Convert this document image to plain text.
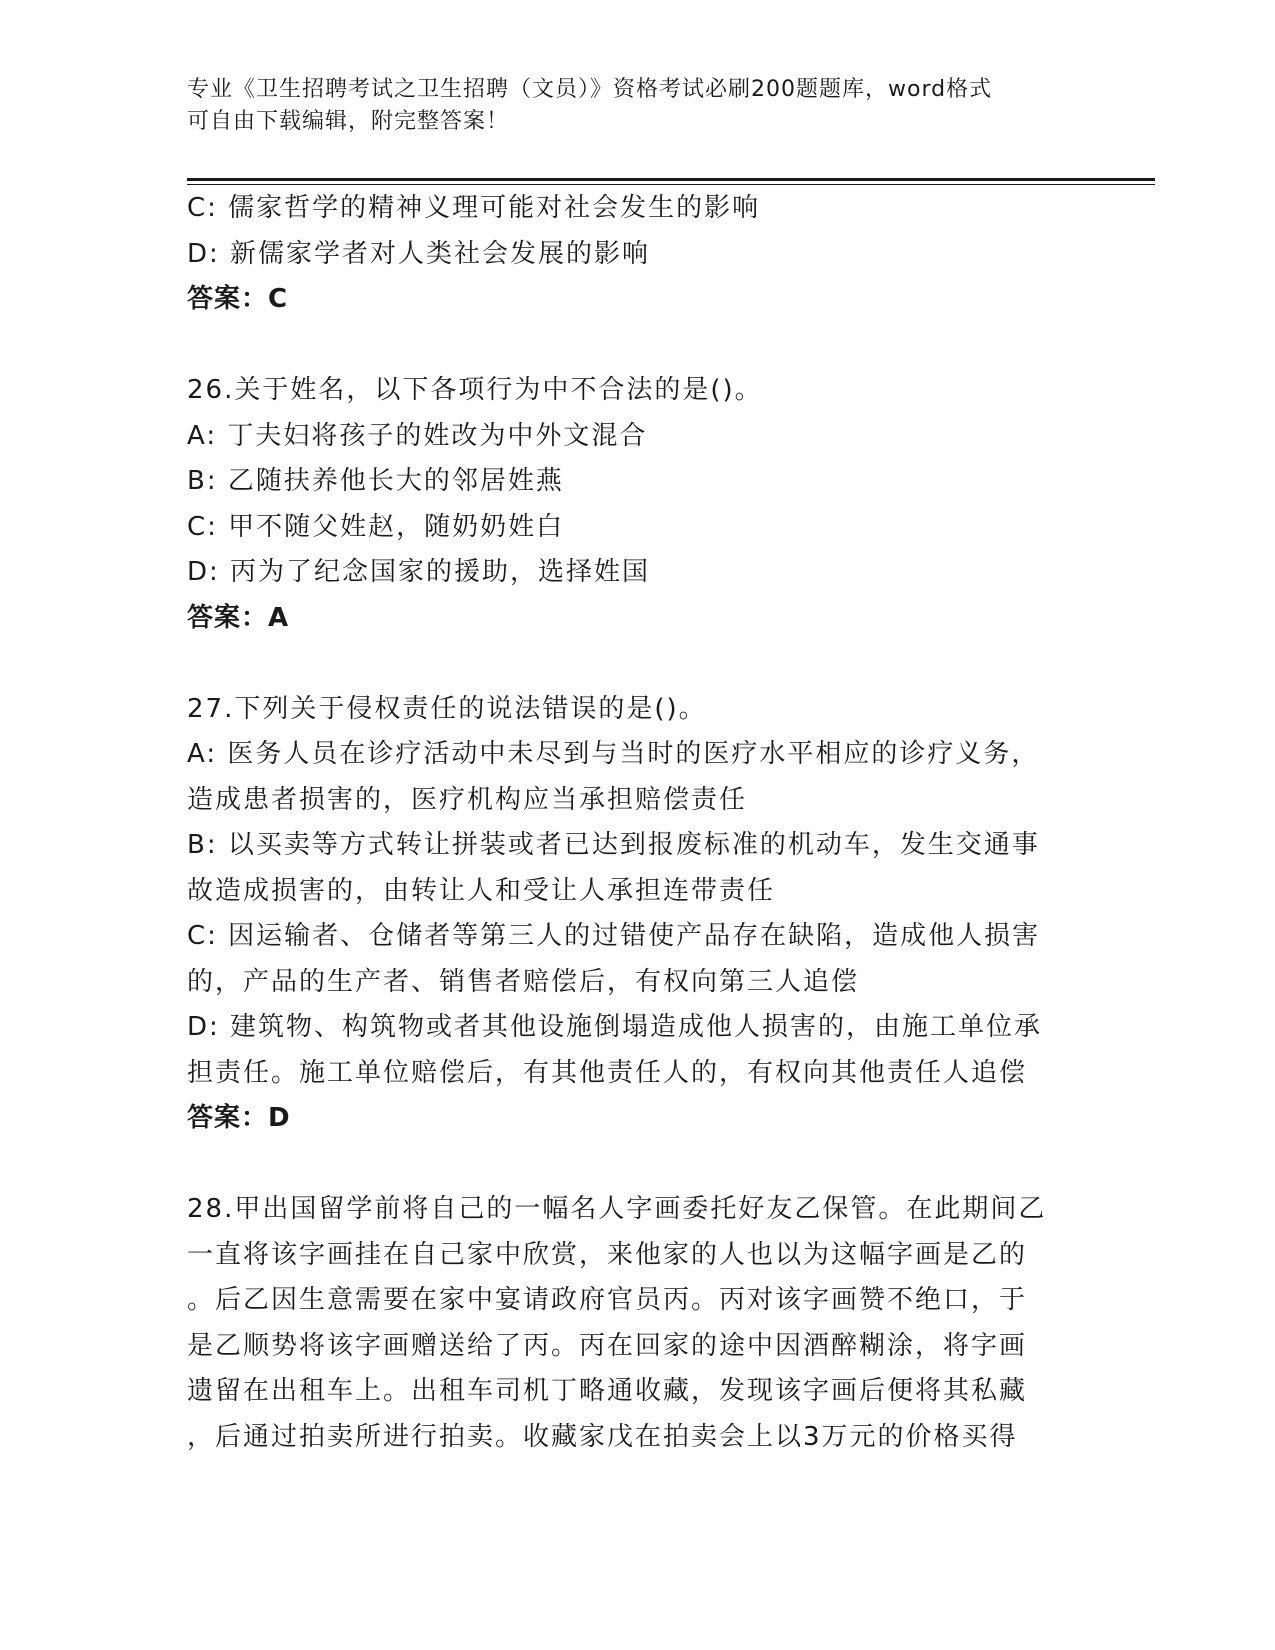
专业《卫生招聘考试之卫生招聘（文员）》资格考试必刷200题题库，word格式
可自由下载编辑，附完整答案！
C: 儒家哲学的精神义理可能对社会发生的影响
D: 新儒家学者对人类社会发展的影响
答案：C
26.关于姓名，以下各项行为中不合法的是()。
A: 丁夫妇将孩子的姓改为中外文混合
B: 乙随扶养他长大的邻居姓燕
C: 甲不随父姓赵，随奶奶姓白
D: 丙为了纪念国家的援助，选择姓国
答案：A
27.下列关于侵权责任的说法错误的是()。
A: 医务人员在诊疗活动中未尽到与当时的医疗水平相应的诊疗义务，
造成患者损害的，医疗机构应当承担赔偿责任
B: 以买卖等方式转让拼装或者已达到报废标准的机动车，发生交通事
故造成损害的，由转让人和受让人承担连带责任
C: 因运输者、仓储者等第三人的过错使产品存在缺陷，造成他人损害
的，产品的生产者、销售者赔偿后，有权向第三人追偿
D: 建筑物、构筑物或者其他设施倒塌造成他人损害的，由施工单位承
担责任。施工单位赔偿后，有其他责任人的，有权向其他责任人追偿
答案：D
28.甲出国留学前将自己的一幅名人字画委托好友乙保管。在此期间乙
一直将该字画挂在自己家中欣赏，来他家的人也以为这幅字画是乙的
。后乙因生意需要在家中宴请政府官员丙。丙对该字画赞不绝口，于
是乙顺势将该字画赠送给了丙。丙在回家的途中因酒醉糊涂，将字画
遗留在出租车上。出租车司机丁略通收藏，发现该字画后便将其私藏
，后通过拍卖所进行拍卖。收藏家戊在拍卖会上以3万元的价格买得
